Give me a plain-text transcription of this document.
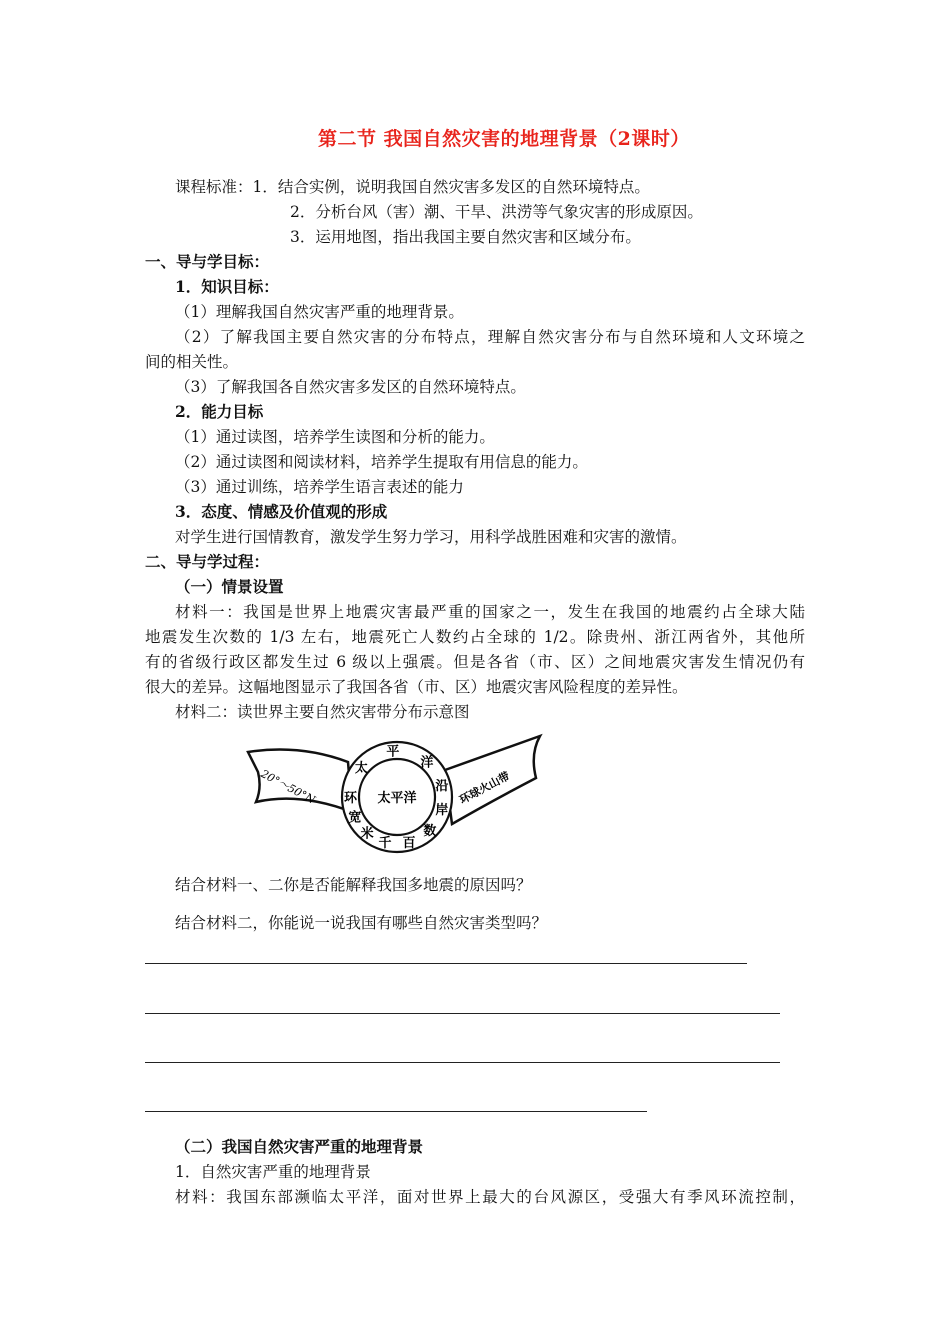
第二节 我国自然灾害的地理背景（2课时）
课程标准：1．结合实例，说明我国自然灾害多发区的自然环境特点。
2．分析台风（害）潮、干旱、洪涝等气象灾害的形成原因。
3．运用地图，指出我国主要自然灾害和区域分布。
一、导与学目标：
1．知识目标：
（1）理解我国自然灾害严重的地理背景。
（2）了解我国主要自然灾害的分布特点，理解自然灾害分布与自然环境和人文环境之
间的相关性。
（3）了解我国各自然灾害多发区的自然环境特点。
2．能力目标
（1）通过读图，培养学生读图和分析的能力。
（2）通过读图和阅读材料，培养学生提取有用信息的能力。
（3）通过训练，培养学生语言表述的能力
3．态度、情感及价值观的形成
对学生进行国情教育，激发学生努力学习，用科学战胜困难和灾害的激情。
二、导与学过程：
（一）情景设置
材料一：我国是世界上地震灾害最严重的国家之一，发生在我国的地震约占全球大陆
地震发生次数的 1/3 左右，地震死亡人数约占全球的 1/2。除贵州、浙江两省外，其他所
有的省级行政区都发生过 6 级以上强震。但是各省（市、区）之间地震灾害发生情况仍有
很大的差异。这幅地图显示了我国各省（市、区）地震灾害风险程度的差异性。
材料二：读世界主要自然灾害带分布示意图
太平洋
20°～50°N	环球火山带
环
太
平
洋
沿
岸
数
百
千
米
宽
结合材料一、二你是否能解释我国多地震的原因吗？
结合材料二，你能说一说我国有哪些自然灾害类型吗？
（二）我国自然灾害严重的地理背景
1．自然灾害严重的地理背景
材料：我国东部濒临太平洋，面对世界上最大的台风源区，受强大有季风环流控制，
